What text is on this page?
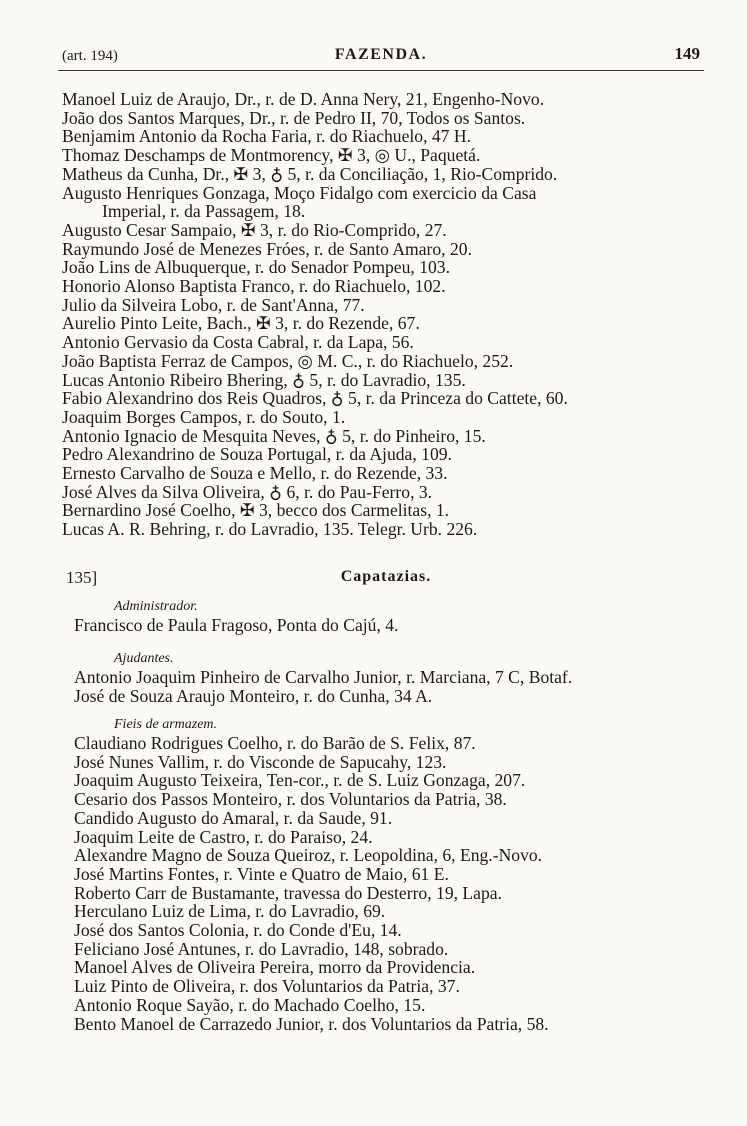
(art. 194)	FAZENDA.	149
Manoel Luiz de Araujo, Dr., r. de D. Anna Nery, 21, Engenho-Novo.
João dos Santos Marques, Dr., r. de Pedro II, 70, Todos os Santos.
Benjamim Antonio da Rocha Faria, r. do Riachuelo, 47 H.
Thomaz Deschamps de Montmorency, ✠ 3, ◎ U., Paquetá.
Matheus da Cunha, Dr., ✠ 3, ♁ 5, r. da Conciliação, 1, Rio-Comprido.
Augusto Henriques Gonzaga, Moço Fidalgo com exercicio da Casa
Imperial, r. da Passagem, 18.
Augusto Cesar Sampaio, ✠ 3, r. do Rio-Comprido, 27.
Raymundo José de Menezes Fróes, r. de Santo Amaro, 20.
João Lins de Albuquerque, r. do Senador Pompeu, 103.
Honorio Alonso Baptista Franco, r. do Riachuelo, 102.
Julio da Silveira Lobo, r. de Sant'Anna, 77.
Aurelio Pinto Leite, Bach., ✠ 3, r. do Rezende, 67.
Antonio Gervasio da Costa Cabral, r. da Lapa, 56.
João Baptista Ferraz de Campos, ◎ M. C., r. do Riachuelo, 252.
Lucas Antonio Ribeiro Bhering, ♁ 5, r. do Lavradio, 135.
Fabio Alexandrino dos Reis Quadros, ♁ 5, r. da Princeza do Cattete, 60.
Joaquim Borges Campos, r. do Souto, 1.
Antonio Ignacio de Mesquita Neves, ♁ 5, r. do Pinheiro, 15.
Pedro Alexandrino de Souza Portugal, r. da Ajuda, 109.
Ernesto Carvalho de Souza e Mello, r. do Rezende, 33.
José Alves da Silva Oliveira, ♁ 6, r. do Pau-Ferro, 3.
Bernardino José Coelho, ✠ 3, becco dos Carmelitas, 1.
Lucas A. R. Behring, r. do Lavradio, 135. Telegr. Urb. 226.
135]	Capatazias.
Administrador.
Francisco de Paula Fragoso, Ponta do Cajú, 4.
Ajudantes.
Antonio Joaquim Pinheiro de Carvalho Junior, r. Marciana, 7 C, Botaf.
José de Souza Araujo Monteiro, r. do Cunha, 34 A.
Fieis de armazem.
Claudiano Rodrigues Coelho, r. do Barão de S. Felix, 87.
José Nunes Vallim, r. do Visconde de Sapucahy, 123.
Joaquim Augusto Teixeira, Ten-cor., r. de S. Luiz Gonzaga, 207.
Cesario dos Passos Monteiro, r. dos Voluntarios da Patria, 38.
Candido Augusto do Amaral, r. da Saude, 91.
Joaquim Leite de Castro, r. do Paraiso, 24.
Alexandre Magno de Souza Queiroz, r. Leopoldina, 6, Eng.-Novo.
José Martins Fontes, r. Vinte e Quatro de Maio, 61 E.
Roberto Carr de Bustamante, travessa do Desterro, 19, Lapa.
Herculano Luiz de Lima, r. do Lavradio, 69.
José dos Santos Colonia, r. do Conde d'Eu, 14.
Feliciano José Antunes, r. do Lavradio, 148, sobrado.
Manoel Alves de Oliveira Pereira, morro da Providencia.
Luiz Pinto de Oliveira, r. dos Voluntarios da Patria, 37.
Antonio Roque Sayão, r. do Machado Coelho, 15.
Bento Manoel de Carrazedo Junior, r. dos Voluntarios da Patria, 58.
